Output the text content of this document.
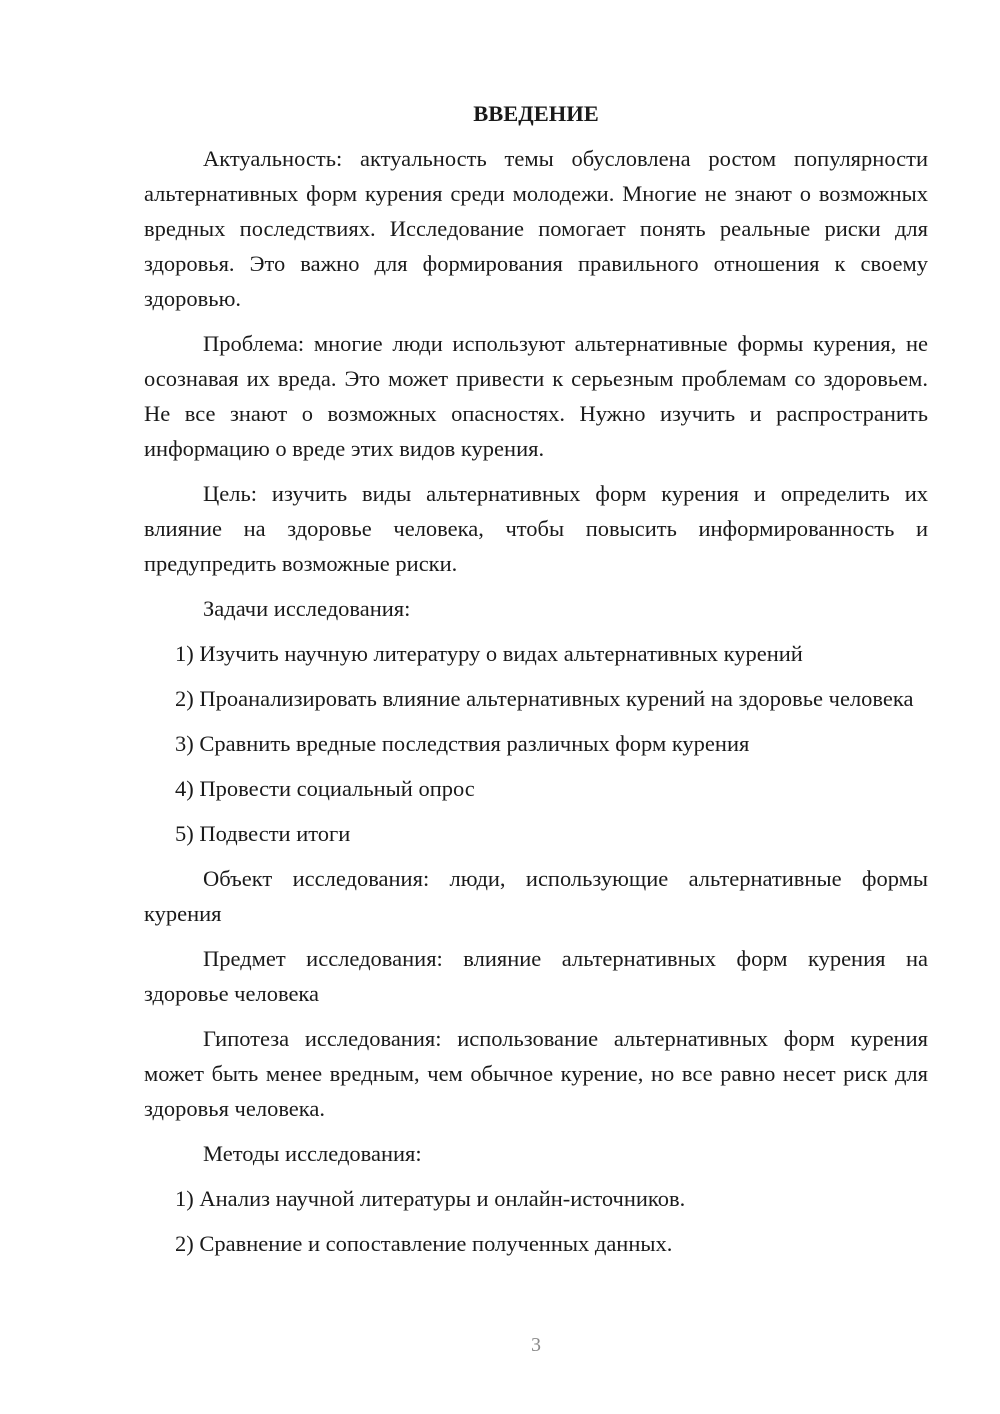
ВВЕДЕНИЕ

Актуальность: актуальность темы обусловлена ростом популярности альтернативных форм курения среди молодежи. Многие не знают о возможных вредных последствиях. Исследование помогает понять реальные риски для здоровья. Это важно для формирования правильного отношения к своему здоровью.

Проблема: многие люди используют альтернативные формы курения, не осознавая их вреда. Это может привести к серьезным проблемам со здоровьем. Не все знают о возможных опасностях. Нужно изучить и распространить информацию о вреде этих видов курения.

Цель: изучить виды альтернативных форм курения и определить их влияние на здоровье человека, чтобы повысить информированность и предупредить возможные риски.

Задачи исследования:

1) Изучить научную литературу о видах альтернативных курений

2) Проанализировать влияние альтернативных курений на здоровье человека

3) Сравнить вредные последствия различных форм курения

4) Провести социальный опрос

5) Подвести итоги

Объект исследования: люди, использующие альтернативные формы курения

Предмет исследования: влияние альтернативных форм курения на здоровье человека

Гипотеза исследования: использование альтернативных форм курения может быть менее вредным, чем обычное курение, но все равно несет риск для здоровья человека.

Методы исследования:

1) Анализ научной литературы и онлайн-источников.

2) Сравнение и сопоставление полученных данных.

3
